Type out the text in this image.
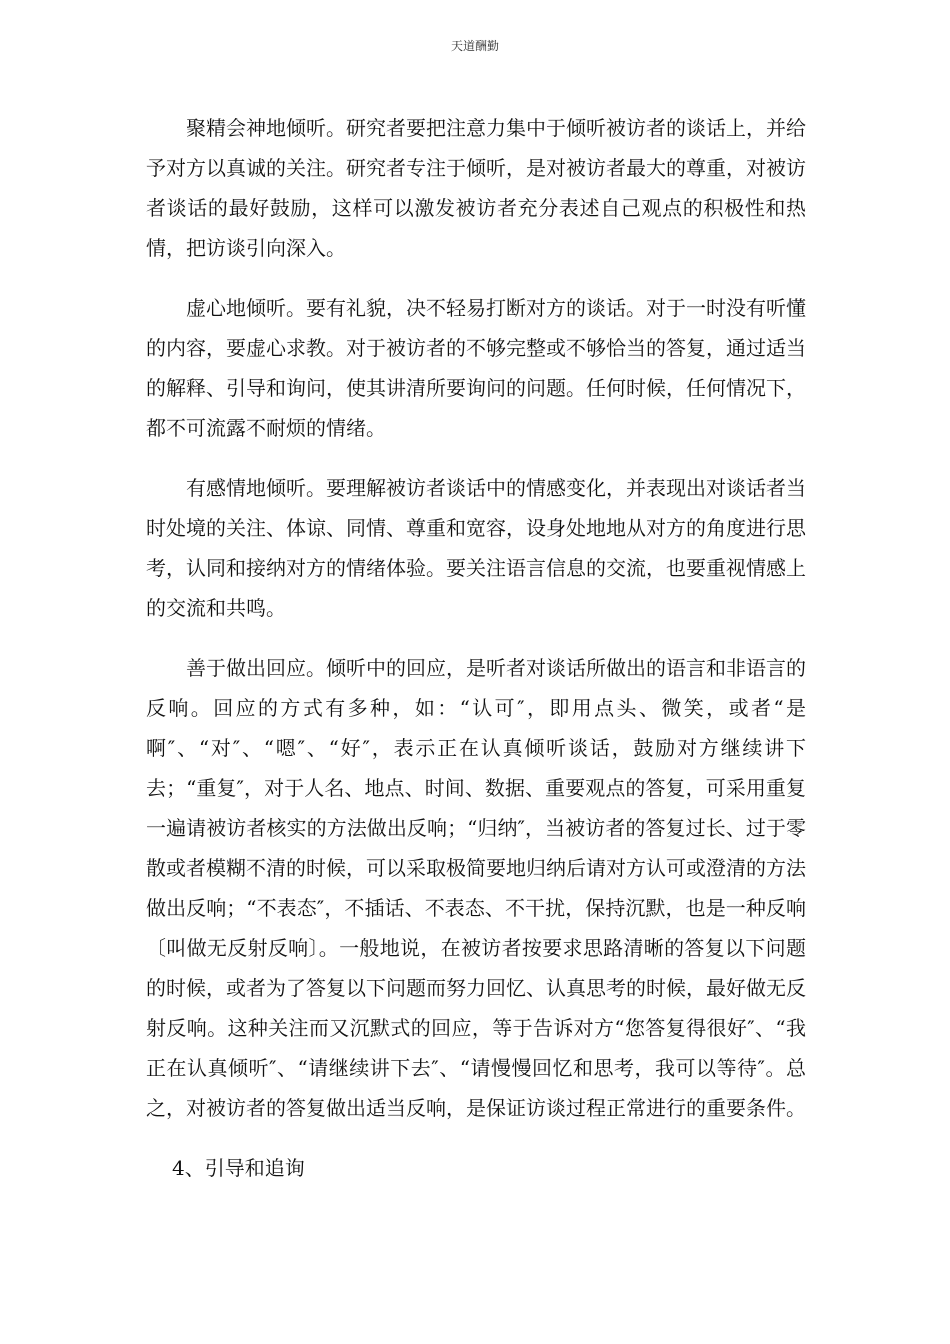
天道酬勤

聚精会神地倾听。研究者要把注意力集中于倾听被访者的谈话上，并给予对方以真诚的关注。研究者专注于倾听，是对被访者最大的尊重，对被访者谈话的最好鼓励，这样可以激发被访者充分表述自己观点的积极性和热情，把访谈引向深入。

虚心地倾听。要有礼貌，决不轻易打断对方的谈话。对于一时没有听懂的内容，要虚心求教。对于被访者的不够完整或不够恰当的答复，通过适当的解释、引导和询问，使其讲清所要询问的问题。任何时候，任何情况下，都不可流露不耐烦的情绪。

有感情地倾听。要理解被访者谈话中的情感变化，并表现出对谈话者当时处境的关注、体谅、同情、尊重和宽容，设身处地地从对方的角度进行思考，认同和接纳对方的情绪体验。要关注语言信息的交流，也要重视情感上的交流和共鸣。

善于做出回应。倾听中的回应，是听者对谈话所做出的语言和非语言的反响。回应的方式有多种，如：“认可″，即用点头、微笑，或者“是啊″、“对″、“嗯″、“好″，表示正在认真倾听谈话，鼓励对方继续讲下去；“重复″，对于人名、地点、时间、数据、重要观点的答复，可采用重复一遍请被访者核实的方法做出反响；“归纳″，当被访者的答复过长、过于零散或者模糊不清的时候，可以采取极简要地归纳后请对方认可或澄清的方法做出反响；“不表态″，不插话、不表态、不干扰，保持沉默，也是一种反响〔叫做无反射反响〕。一般地说，在被访者按要求思路清晰的答复以下问题的时候，或者为了答复以下问题而努力回忆、认真思考的时候，最好做无反射反响。这种关注而又沉默式的回应，等于告诉对方“您答复得很好″、“我正在认真倾听″、“请继续讲下去″、“请慢慢回忆和思考，我可以等待″。总之，对被访者的答复做出适当反响，是保证访谈过程正常进行的重要条件。

4、引导和追询
